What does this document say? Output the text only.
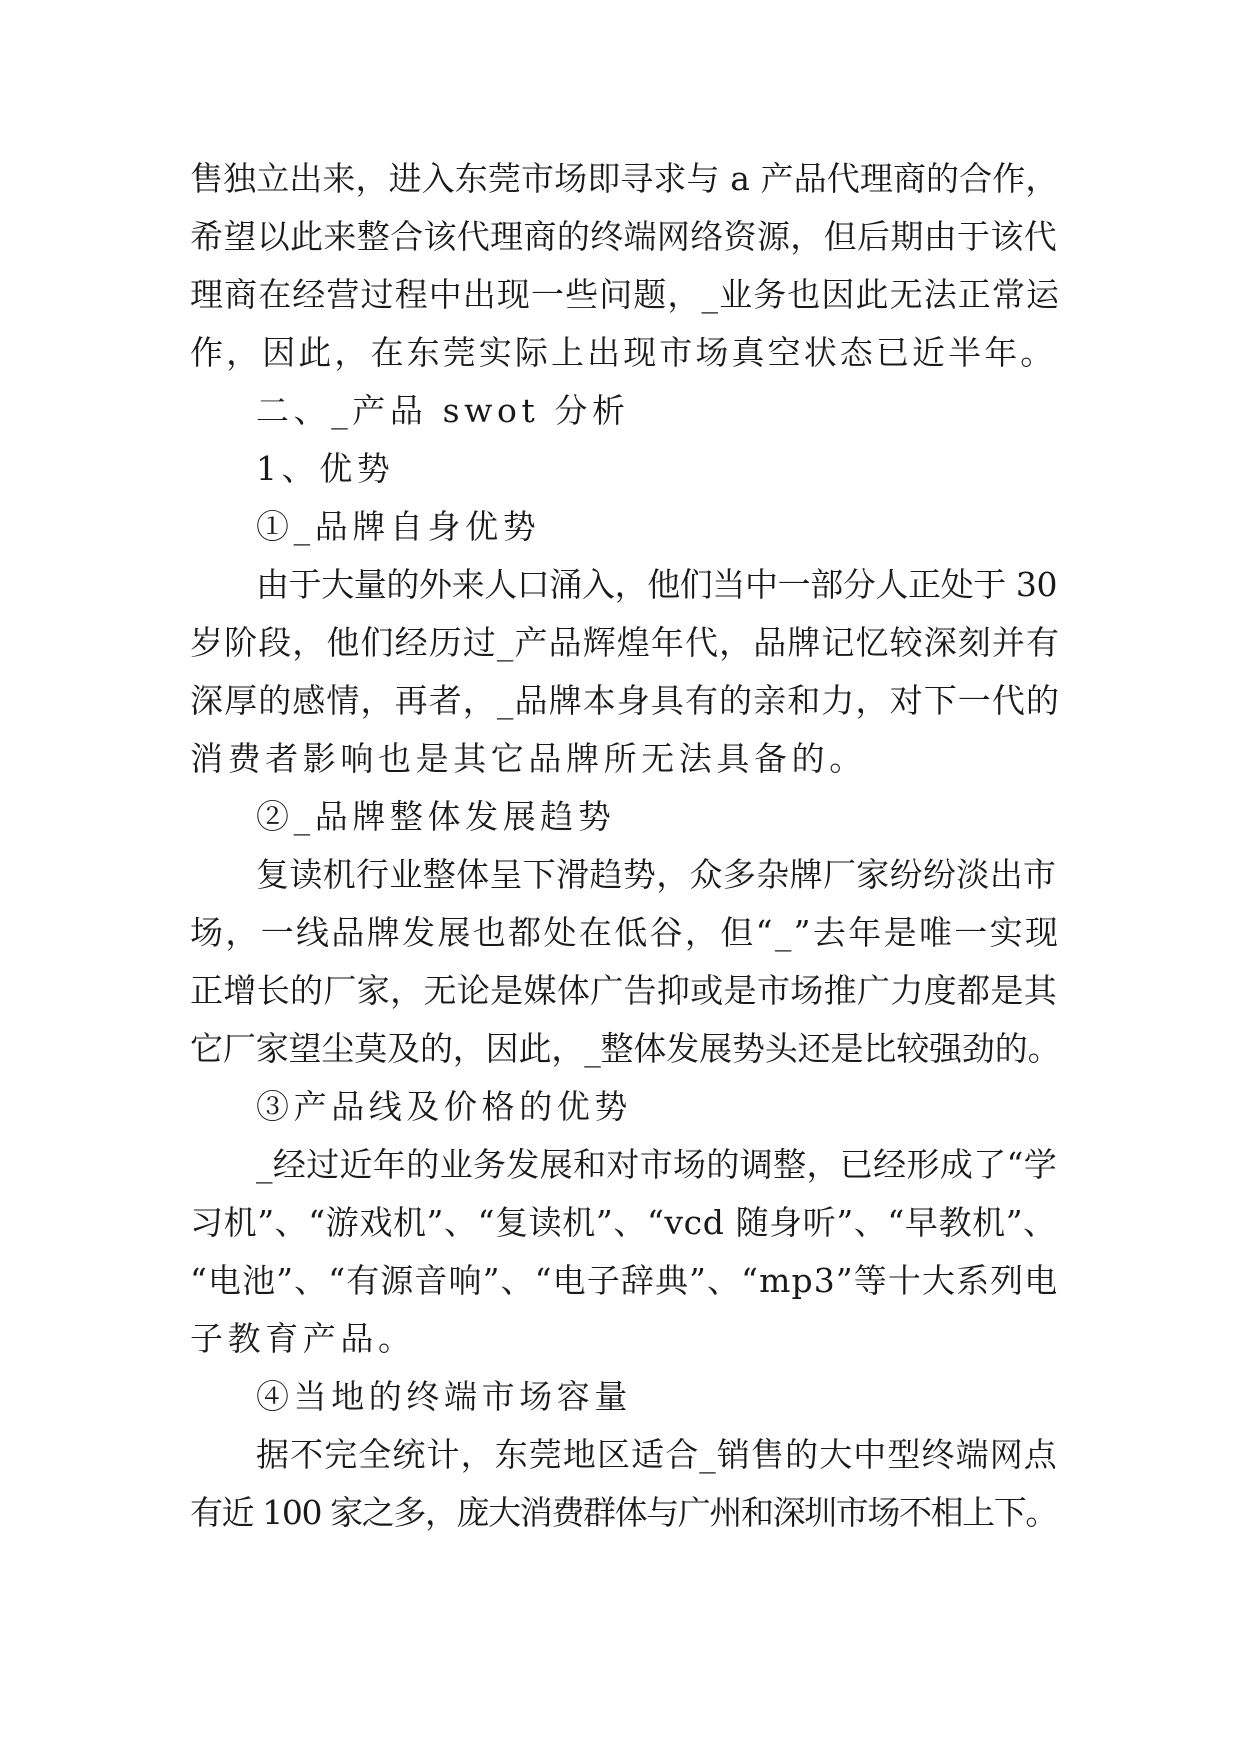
售独立出来，进入东莞市场即寻求与 a 产品代理商的合作，
希望以此来整合该代理商的终端网络资源，但后期由于该代
理商在经营过程中出现一些问题，_业务也因此无法正常运
作，因此，在东莞实际上出现市场真空状态已近半年。
二、_产品 swot 分析
1、优势
①_品牌自身优势
由于大量的外来人口涌入，他们当中一部分人正处于 30
岁阶段，他们经历过_产品辉煌年代，品牌记忆较深刻并有
深厚的感情，再者，_品牌本身具有的亲和力，对下一代的
消费者影响也是其它品牌所无法具备的。
②_品牌整体发展趋势
复读机行业整体呈下滑趋势，众多杂牌厂家纷纷淡出市
场，一线品牌发展也都处在低谷，但“_”去年是唯一实现
正增长的厂家，无论是媒体广告抑或是市场推广力度都是其
它厂家望尘莫及的，因此，_整体发展势头还是比较强劲的。
③产品线及价格的优势
_经过近年的业务发展和对市场的调整，已经形成了“学
习机”、“游戏机”、“复读机”、“vcd 随身听”、“早教机”、
“电池”、“有源音响”、“电子辞典”、“mp3”等十大系列电
子教育产品。
④当地的终端市场容量
据不完全统计，东莞地区适合_销售的大中型终端网点
有近 100 家之多，庞大消费群体与广州和深圳市场不相上下。
